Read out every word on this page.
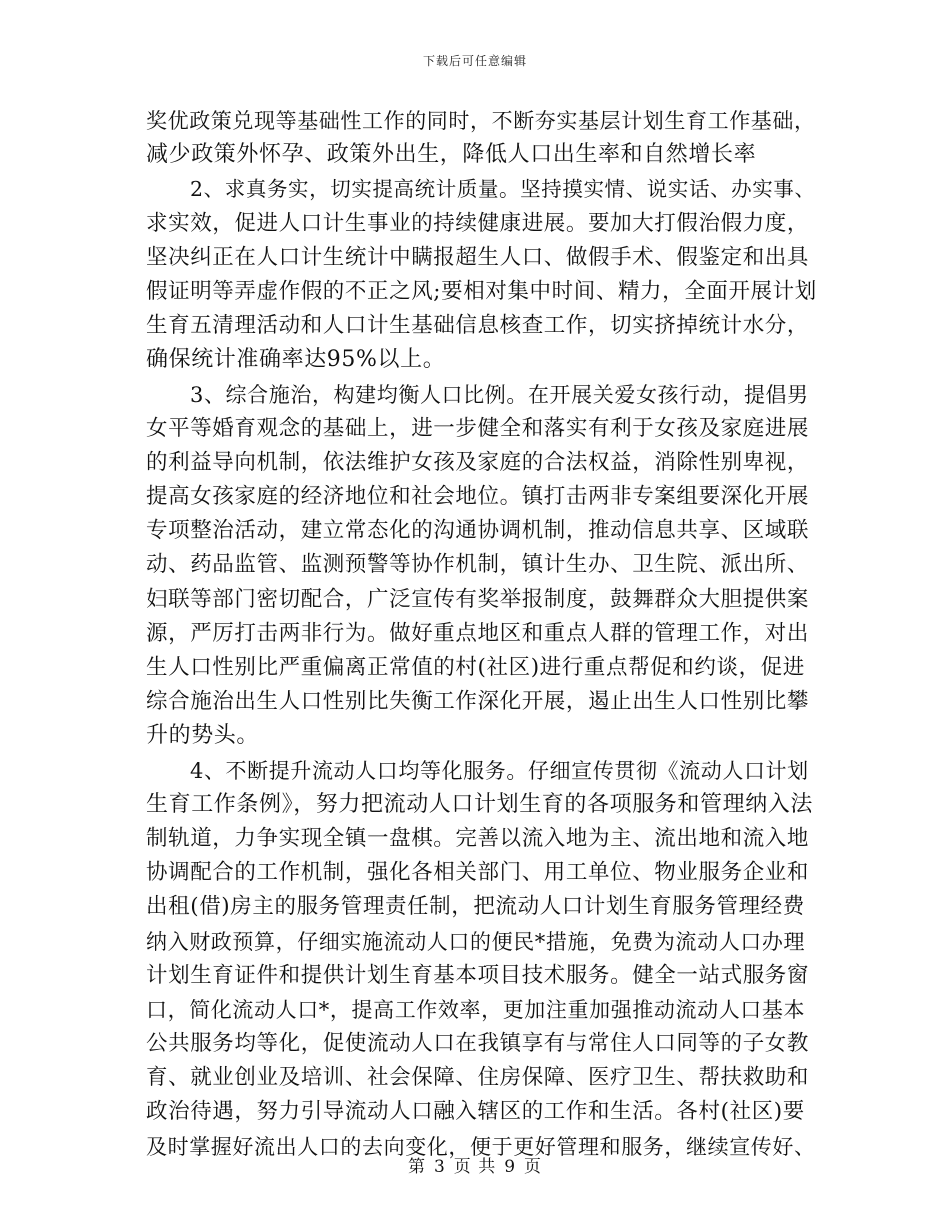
下载后可任意编辑
奖优政策兑现等基础性工作的同时，不断夯实基层计划生育工作基础，
减少政策外怀孕、政策外出生，降低人口出生率和自然增长率
2、求真务实，切实提高统计质量。坚持摸实情、说实话、办实事、
求实效，促进人口计生事业的持续健康进展。要加大打假治假力度，
坚决纠正在人口计生统计中瞒报超生人口、做假手术、假鉴定和出具
假证明等弄虚作假的不正之风;要相对集中时间、精力，全面开展计划
生育五清理活动和人口计生基础信息核查工作，切实挤掉统计水分，
确保统计准确率达95%以上。
3、综合施治，构建均衡人口比例。在开展关爱女孩行动，提倡男
女平等婚育观念的基础上，进一步健全和落实有利于女孩及家庭进展
的利益导向机制，依法维护女孩及家庭的合法权益，消除性别卑视，
提高女孩家庭的经济地位和社会地位。镇打击两非专案组要深化开展
专项整治活动，建立常态化的沟通协调机制，推动信息共享、区域联
动、药品监管、监测预警等协作机制，镇计生办、卫生院、派出所、
妇联等部门密切配合，广泛宣传有奖举报制度，鼓舞群众大胆提供案
源，严厉打击两非行为。做好重点地区和重点人群的管理工作，对出
生人口性别比严重偏离正常值的村(社区)进行重点帮促和约谈，促进
综合施治出生人口性别比失衡工作深化开展，遏止出生人口性别比攀
升的势头。
4、不断提升流动人口均等化服务。仔细宣传贯彻《流动人口计划
生育工作条例》，努力把流动人口计划生育的各项服务和管理纳入法
制轨道，力争实现全镇一盘棋。完善以流入地为主、流出地和流入地
协调配合的工作机制，强化各相关部门、用工单位、物业服务企业和
出租(借)房主的服务管理责任制，把流动人口计划生育服务管理经费
纳入财政预算，仔细实施流动人口的便民*措施，免费为流动人口办理
计划生育证件和提供计划生育基本项目技术服务。健全一站式服务窗
口，简化流动人口*，提高工作效率，更加注重加强推动流动人口基本
公共服务均等化，促使流动人口在我镇享有与常住人口同等的子女教
育、就业创业及培训、社会保障、住房保障、医疗卫生、帮扶救助和
政治待遇，努力引导流动人口融入辖区的工作和生活。各村(社区)要
及时掌握好流出人口的去向变化，便于更好管理和服务，继续宣传好、
第 3 页 共 9 页
